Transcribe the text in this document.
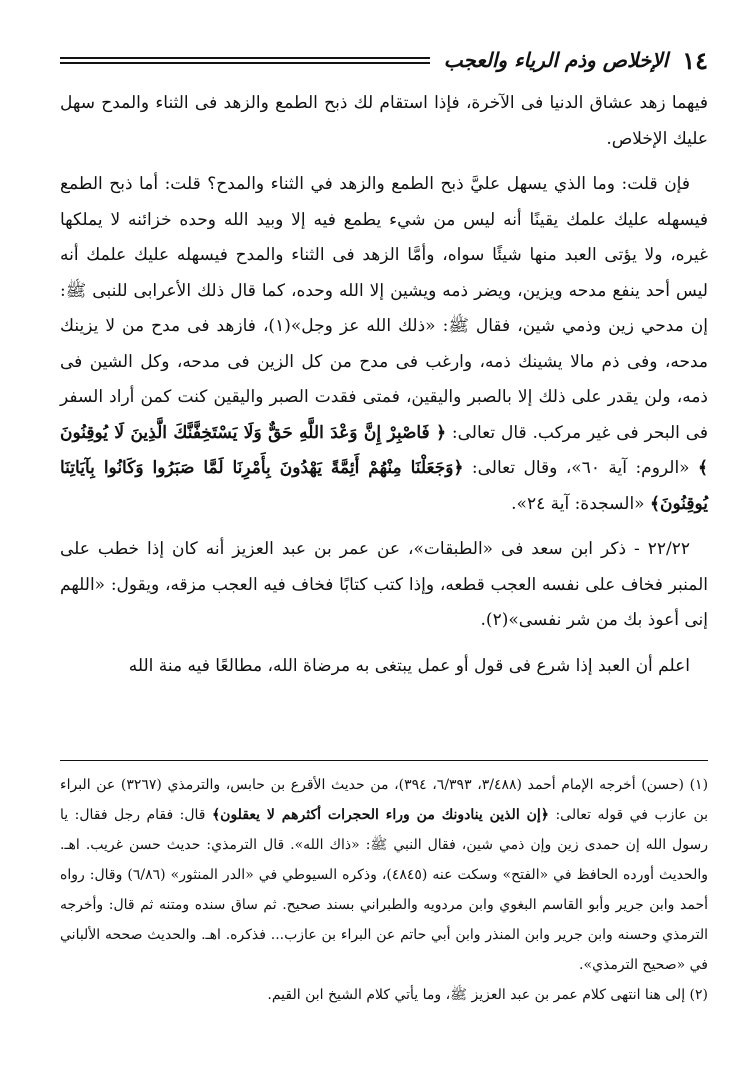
١٤
الإخلاص وذم الرياء والعجب

فيهما زهد عشاق الدنيا فى الآخرة، فإذا استقام لك ذبح الطمع والزهد فى الثناء والمدح سهل عليك الإخلاص.

فإن قلت: وما الذي يسهل عليَّ ذبح الطمع والزهد في الثناء والمدح؟ قلت: أما ذبح الطمع فيسهله عليك علمك يقينًا أنه ليس من شيء يطمع فيه إلا وبيد الله وحده خزائنه لا يملكها غيره، ولا يؤتى العبد منها شيئًا سواه، وأمَّا الزهد فى الثناء والمدح فيسهله عليك علمك أنه ليس أحد ينفع مدحه ويزين، ويضر ذمه ويشين إلا الله وحده، كما قال ذلك الأعرابى للنبى ﷺ: إن مدحي زين وذمي شين، فقال ﷺ: «ذلك الله عز وجل»(١)، فازهد فى مدح من لا يزينك مدحه، وفى ذم مالا يشينك ذمه، وارغب فى مدح من كل الزين فى مدحه، وكل الشين فى ذمه، ولن يقدر على ذلك إلا بالصبر واليقين، فمتى فقدت الصبر واليقين كنت كمن أراد السفر فى البحر فى غير مركب. قال تعالى: ﴿ فَاصْبِرْ إِنَّ وَعْدَ اللَّهِ حَقٌّ وَلَا يَسْتَخِفَّنَّكَ الَّذِينَ لَا يُوقِنُونَ ﴾ «الروم: آية ٦٠»، وقال تعالى: ﴿وَجَعَلْنَا مِنْهُمْ أَئِمَّةً يَهْدُونَ بِأَمْرِنَا لَمَّا صَبَرُوا وَكَانُوا بِآيَاتِنَا يُوقِنُونَ﴾ «السجدة: آية ٢٤».

٢٢/٢٢ - ذكر ابن سعد فى «الطبقات»، عن عمر بن عبد العزيز أنه كان إذا خطب على المنبر فخاف على نفسه العجب قطعه، وإذا كتب كتابًا فخاف فيه العجب مزقه، ويقول: «اللهم إنى أعوذ بك من شر نفسى»(٢).

اعلم أن العبد إذا شرع فى قول أو عمل يبتغى به مرضاة الله، مطالعًا فيه منة الله

(١) (حسن) أخرجه الإمام أحمد (٣/٤٨٨، ٦/٣٩٣، ٣٩٤)، من حديث الأقرع بن حابس، والترمذي (٣٢٦٧) عن البراء بن عازب في قوله تعالى: ﴿إن الذين ينادونك من وراء الحجرات أكثرهم لا يعقلون﴾ قال: فقام رجل فقال: يا رسول الله إن حمدى زين وإن ذمي شين، فقال النبي ﷺ: «ذاك الله». قال الترمذي: حديث حسن غريب. اهـ. والحديث أورده الحافظ في «الفتح» وسكت عنه (٤٨٤٥)، وذكره السيوطي في «الدر المنثور» (٦/٨٦) وقال: رواه أحمد وابن جرير وأبو القاسم البغوي وابن مردويه والطبراني بسند صحيح. ثم ساق سنده ومتنه ثم قال: وأخرجه الترمذي وحسنه وابن جرير وابن المنذر وابن أبي حاتم عن البراء بن عازب... فذكره. اهـ. والحديث صححه الألباني في «صحيح الترمذي».

(٢) إلى هنا انتهى كلام عمر بن عبد العزيز ﷺ، وما يأتي كلام الشيخ ابن القيم.
